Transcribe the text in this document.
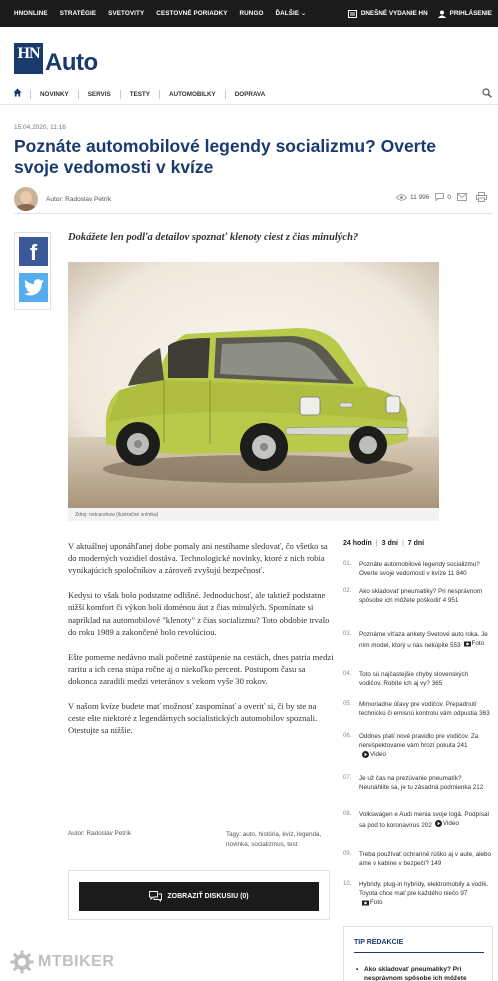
HNONLINE STRATÉGIE SVETOVITY CESTOVNÉ PORIADKY RUNGO ĎALŠIE ⌄	DNEŠNÉ VYDANIE HN	PRIHLÁSENIE
HN Auto
NOVINKY	SERVIS	TESTY	AUTOMOBILKY	DOPRAVA
15.04.2020, 11:16
Poznáte automobilové legendy socializmu? Overte svoje vedomosti v kvíze
Autor: Radoslav Petrík	11 996	0
f
Dokážete len podľa detailov spoznať klenoty ciest z čias minulých?
Zdroj: netcarshow (ilustračné snímka)

V aktuálnej uponáhľanej dobe pomaly ani nestíhame sledovať, čo všetko sa do moderných vozidiel dostáva. Technologické novinky, ktoré z nich robia vynikajúcich spoločníkov a zároveň zvyšujú bezpečnosť.

Kedysi to však bolo podstatne odlišné. Jednoduchosť, ale taktiež podstatne nižší komfort či výkon boli doménou áut z čias minulých. Spomínate si napríklad na automobilové "klenoty" z čias socializmu? Toto obdobie trvalo do roku 1989 a zakončené bolo revolúciou.

Ešte pomerne nedávno mali početné zastúpenie na cestách, dnes patria medzi raritu a ich cena stúpa ročne aj o niekoľko percent. Postupom času sa dokonca zaradili medzi veteránov s vekom vyše 30 rokov.

V našom kvíze budete mať možnosť zaspomínať a overiť si, či by ste na ceste ešte niektoré z legendárnych socialistických automobilov spoznali. Otestujte sa nižšie.

Autor: Radoslav Petrík	Tagy: auto, história, kvíz, legenda, novinka, socializmus, test
ZOBRAZIŤ DISKUSIU (0)
24 hodín | 3 dni | 7 dní
01. Poznáte automobilové legendy socializmu? Overte svoje vedomosti v kvíze 11 840
02. Ako skladovať pneumatiky? Pri nesprávnom spôsobe ich môžete poškodiť 4 951
03. Poznáme víťaza ankety Svetové auto roka. Je ním model, ktorý u nás nekúpite 553 Foto
04. Toto sú najčastejšie chyby slovenských vodičov. Robíte ich aj vy? 365
05. Mimoriadne úľavy pre vodičov. Prepadnutí technickú či emisnú kontrolu vám odpustia 363
06. Oddnes platí nové pravidlo pre vodičov. Za nerešpektovanie vám hrozí pokuta 241
Video
07. Je už čas na prezúvanie pneumatík? Neunáhlite sa, je tu zásadná podmienka 212
08. Volkswagen e Audi menia svoje logá. Podpísal sa pod to koronavírus 202 Video
09. Treba používať ochranné rúško aj v aute, alebo ame v kabíne v bezpečí? 149
10. Hybridy, plug-in hybridy, elektromobily a vodík. Toyota chce mať pre každého niečo 97
Foto
TIP REDAKCIE
• Ako skladovať pneumatiky? Pri nesprávnom spôsobe ich môžete
MTBIKER
